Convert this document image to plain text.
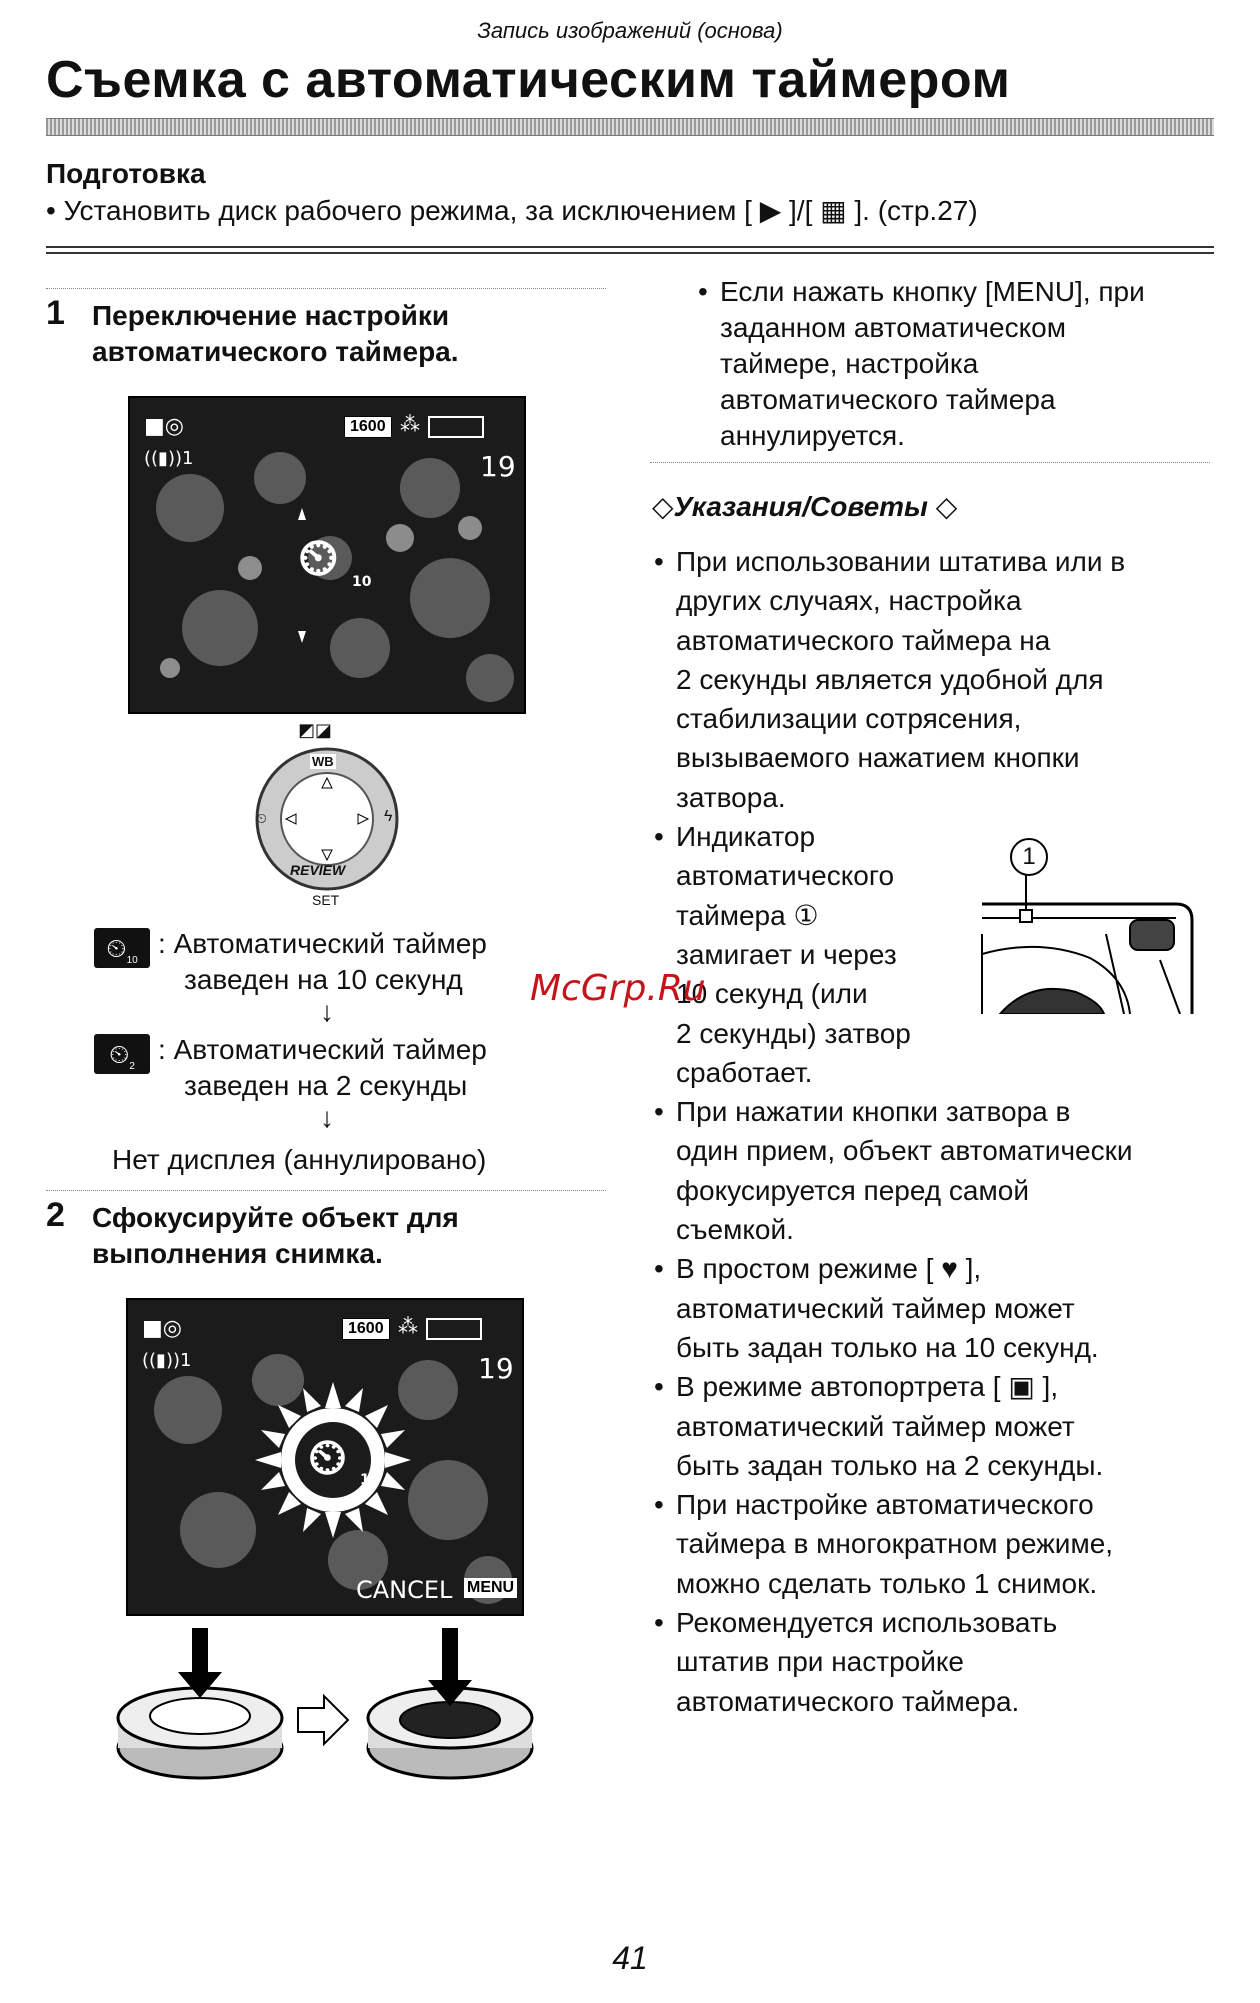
Запись изображений (основа)
Съемка с автоматическим таймером
Подготовка
• Установить диск рабочего режима, за исключением [ ▶ ]/[ ▦ ]. (стр.27)
1 Переключение настройки
автоматического таймера.
■◎
((▮))1
1600 ⁂
19
⏲ 10
◩◪
WB
REVIEW
⏲	ϟ
SET
$⏲_{10}$
: Автоматический таймер
заведен на 10 секунд
↓
$⏲_2$
: Автоматический таймер
заведен на 2 секунды
↓
Нет дисплея (аннулировано)
2 Сфокусируйте объект для
выполнения снимка.
■◎
((▮))1
1600 ⁂
19
⏲ 10
CANCEL MENU
• Если нажать кнопку [MENU], при
заданном автоматическом
таймере, настройка
автоматического таймера
аннулируется.
◇Указания/Советы ◇
• При использовании штатива или в
других случаях, настройка
автоматического таймера на
2 секунды является удобной для
стабилизации сотрясения,
вызываемого нажатием кнопки
затвора.
• Индикатор
автоматического
таймера ①
замигает и через
10 секунд (или
2 секунды) затвор
сработает.
• При нажатии кнопки затвора в
один прием, объект автоматически
фокусируется перед самой
съемкой.
• В простом режиме [ ♥ ],
автоматический таймер может
быть задан только на 10 секунд.
• В режиме автопортрета [ ▣ ],
автоматический таймер может
быть задан только на 2 секунды.
• При настройке автоматического
таймера в многократном режиме,
можно сделать только 1 снимок.
• Рекомендуется использовать
штатив при настройке
автоматического таймера.
1
McGrp.Ru
41
